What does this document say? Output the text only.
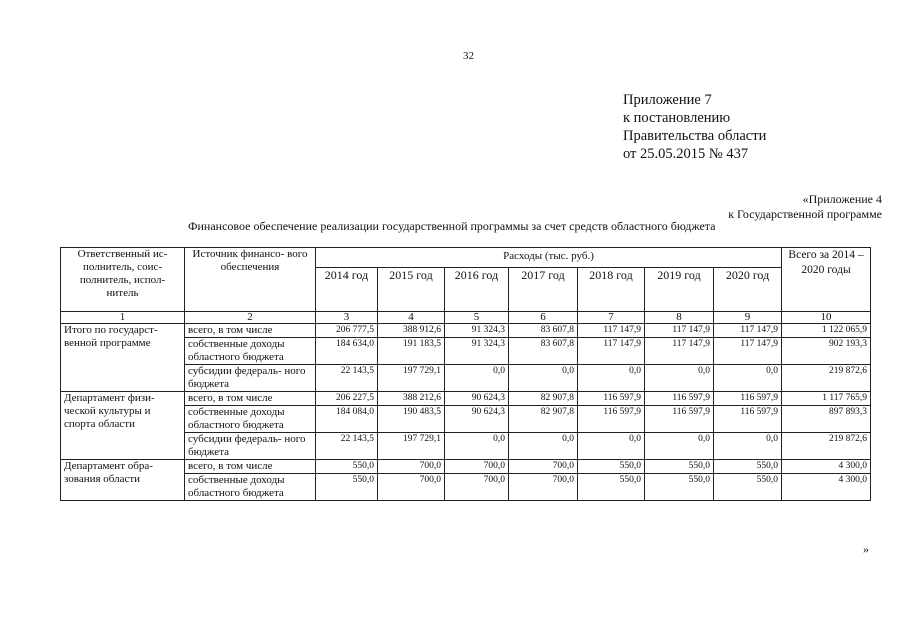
32
Приложение 7
к постановлению
Правительства области
от 25.05.2015 № 437
«Приложение 4
к Государственной программе
Финансовое обеспечение реализации государственной программы за счет средств областного бюджета
Ответственный ис- полнитель, соис- полнитель, испол- нитель	Источник финансо- вого обеспечения	Расходы (тыс. руб.)							Всего за 2014 – 2020 годы
		2014 год	2015 год	2016 год	2017 год	2018 год	2019 год	2020 год	
1	2	3	4	5	6	7	8	9	10
Итого по государст- венной программе	всего, в том числе	206 777,5	388 912,6	91 324,3	83 607,8	117 147,9	117 147,9	117 147,9	1 122 065,9
	собственные доходы областного бюджета	184 634,0	191 183,5	91 324,3	83 607,8	117 147,9	117 147,9	117 147,9	902 193,3
	субсидии федераль- ного бюджета	22 143,5	197 729,1	0,0	0,0	0,0	0,0	0,0	219 872,6
Департамент физи- ческой культуры и спорта области	всего, в том числе	206 227,5	388 212,6	90 624,3	82 907,8	116 597,9	116 597,9	116 597,9	1 117 765,9
	собственные доходы областного бюджета	184 084,0	190 483,5	90 624,3	82 907,8	116 597,9	116 597,9	116 597,9	897 893,3
	субсидии федераль- ного бюджета	22 143,5	197 729,1	0,0	0,0	0,0	0,0	0,0	219 872,6
Департамент обра- зования области	всего, в том числе	550,0	700,0	700,0	700,0	550,0	550,0	550,0	4 300,0
	собственные доходы областного бюджета	550,0	700,0	700,0	700,0	550,0	550,0	550,0	4 300,0
»
